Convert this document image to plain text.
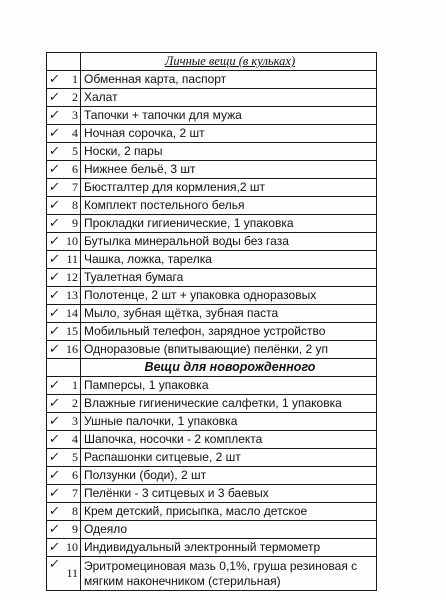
	Личные вещи (в кульках)

✓ 1	Обменная карта, паспорт

✓ 2	Халат

✓ 3	Тапочки + тапочки для мужа

✓ 4	Ночная сорочка, 2 шт

✓ 5	Носки, 2 пары

✓ 6	Нижнее бельё, 3 шт

✓ 7	Бюстгалтер для кормления,2 шт

✓ 8	Комплект постельного белья

✓ 9	Прокладки гигиенические, 1 упаковка

✓ 10	Бутылка минеральной воды без газа

✓ 11	Чашка, ложка, тарелка

✓ 12	Туалетная бумага

✓ 13	Полотенце, 2 шт + упаковка одноразовых

✓ 14	Мыло, зубная щётка, зубная паста

✓ 15	Мобильный телефон, зарядное устройство

✓ 16	Одноразовые (впитывающие) пелёнки, 2 уп
	Вещи для новорожденного

✓ 1	Памперсы, 1 упаковка

✓ 2	Влажные гигиенические салфетки, 1 упаковка

✓ 3	Ушные палочки, 1 упаковка

✓ 4	Шапочка, носочки - 2 комплекта

✓ 5	Распашонки ситцевые, 2 шт

✓ 6	Ползунки (боди), 2 шт

✓ 7	Пелёнки - 3 ситцевых и 3 баевых

✓ 8	Крем детский, присыпка, масло детское

✓ 9	Одеяло

✓ 10	Индивидуальный электронный термометр

✓
11	Эритромециновая мазь 0,1%, груша резиновая с мягким наконечником (стерильная)
